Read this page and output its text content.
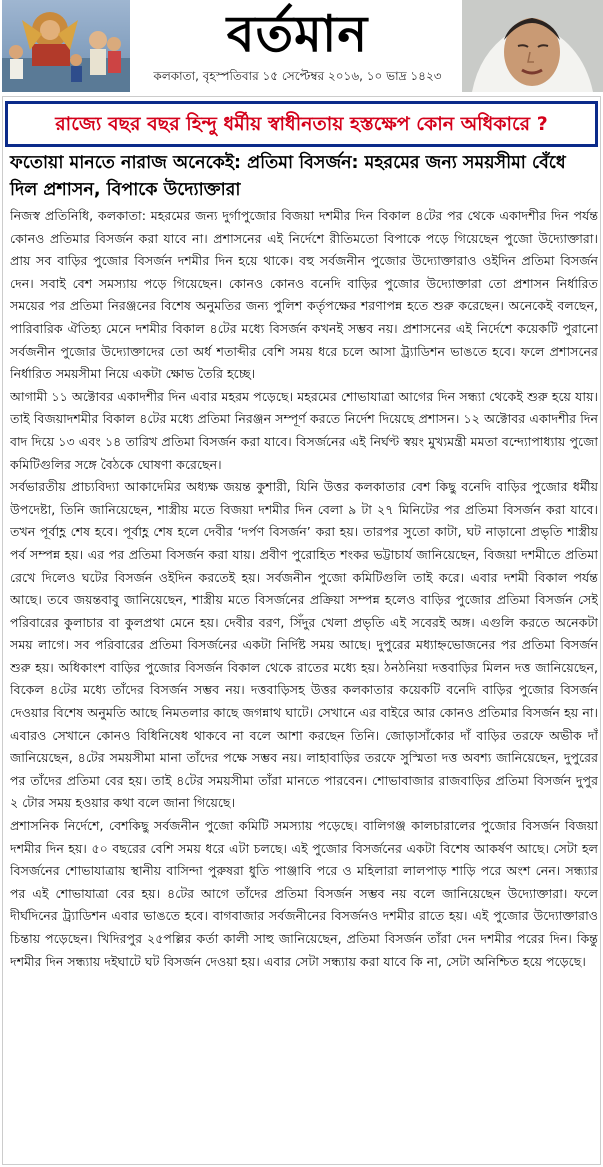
বর্তমান
কলকাতা, বৃহস্পতিবার ১৫ সেপ্টেম্বর ২০১৬, ১০ ভাদ্র ১৪২৩
রাজ্যে বছর বছর হিন্দু ধর্মীয় স্বাধীনতায় হস্তক্ষেপ কোন অধিকারে ?
ফতোয়া মানতে নারাজ অনেকেই: প্রতিমা বিসর্জন: মহরমের জন্য সময়সীমা বেঁধে দিল প্রশাসন, বিপাকে উদ্যোক্তারা

নিজস্ব প্রতিনিধি, কলকাতা: মহরমের জন্য দুর্গাপুজোর বিজয়া দশমীর দিন বিকাল ৪টের পর থেকে একাদশীর দিন পর্যন্ত কোনও প্রতিমার বিসর্জন করা যাবে না। প্রশাসনের এই নির্দেশে রীতিমতো বিপাকে পড়ে গিয়েছেন পুজো উদ্যোক্তারা। প্রায় সব বাড়ির পুজোর বিসর্জন দশমীর দিন হয়ে থাকে। বহু সর্বজনীন পুজোর উদ্যোক্তারাও ওইদিন প্রতিমা বিসর্জন দেন। সবাই বেশ সমস্যায় পড়ে গিয়েছেন। কোনও কোনও বনেদি বাড়ির পুজোর উদ্যোক্তারা তো প্রশাসন নির্ধারিত সময়ের পর প্রতিমা নিরঞ্জনের বিশেষ অনুমতির জন্য পুলিশ কর্তৃপক্ষের শরণাপন্ন হতে শুরু করেছেন। অনেকেই বলছেন, পারিবারিক ঐতিহ্য মেনে দশমীর বিকাল ৪টের মধ্যে বিসর্জন কখনই সম্ভব নয়। প্রশাসনের এই নির্দেশে কয়েকটি পুরানো সর্বজনীন পুজোর উদ্যোক্তাদের তো অর্ধ শতাব্দীর বেশি সময় ধরে চলে আসা ট্র্যাডিশন ভাঙতে হবে। ফলে প্রশাসনের নির্ধারিত সময়সীমা নিয়ে একটা ক্ষোভ তৈরি হচ্ছে।

আগামী ১১ অক্টোবর একাদশীর দিন এবার মহরম পড়েছে। মহরমের শোভাযাত্রা আগের দিন সন্ধ্যা থেকেই শুরু হয়ে যায়। তাই বিজয়াদশমীর বিকাল ৪টের মধ্যে প্রতিমা নিরঞ্জন সম্পূর্ণ করতে নির্দেশ দিয়েছে প্রশাসন। ১২ অক্টোবর একাদশীর দিন বাদ দিয়ে ১৩ এবং ১৪ তারিখ প্রতিমা বিসর্জন করা যাবে। বিসর্জনের এই নির্ঘণ্ট স্বয়ং মুখ্যমন্ত্রী মমতা বন্দ্যোপাধ্যায় পুজো কমিটিগুলির সঙ্গে বৈঠকে ঘোষণা করেছেন।

সর্বভারতীয় প্রাচ্যবিদ্যা আকাদেমির অধ্যক্ষ জয়ন্ত কুশারী, যিনি উত্তর কলকাতার বেশ কিছু বনেদি বাড়ির পুজোর ধর্মীয় উপদেষ্টা, তিনি জানিয়েছেন, শাস্ত্রীয় মতে বিজয়া দশমীর দিন বেলা ৯ টা ২৭ মিনিটের পর প্রতিমা বিসর্জন করা যাবে। তখন পূর্বাহ্ণ শেষ হবে। পূর্বাহ্ণ শেষ হলে দেবীর ‘দর্পণ বিসর্জন’ করা হয়। তারপর সুতো কাটা, ঘট নাড়ানো প্রভৃতি শাস্ত্রীয় পর্ব সম্পন্ন হয়। এর পর প্রতিমা বিসর্জন করা যায়। প্রবীণ পুরোহিত শংকর ভট্টাচার্য জানিয়েছেন, বিজয়া দশমীতে প্রতিমা রেখে দিলেও ঘটের বিসর্জন ওইদিন করতেই হয়। সর্বজনীন পুজো কমিটিগুলি তাই করে। এবার দশমী বিকাল পর্যন্ত আছে। তবে জয়ন্তবাবু জানিয়েছেন, শাস্ত্রীয় মতে বিসর্জনের প্রক্রিয়া সম্পন্ন হলেও বাড়ির পুজোর প্রতিমা বিসর্জন সেই পরিবারের কুলাচার বা কুলপ্রথা মেনে হয়। দেবীর বরণ, সিঁদুর খেলা প্রভৃতি এই সবেরই অঙ্গ। এগুলি করতে অনেকটা সময় লাগে। সব পরিবারের প্রতিমা বিসর্জনের একটা নির্দিষ্ট সময় আছে। দুপুরের মধ্যাহ্নভোজনের পর প্রতিমা বিসর্জন শুরু হয়। অধিকাংশ বাড়ির পুজোর বিসর্জন বিকাল থেকে রাতের মধ্যে হয়। ঠনঠনিয়া দত্তবাড়ির মিলন দত্ত জানিয়েছেন, বিকেল ৪টের মধ্যে তাঁদের বিসর্জন সম্ভব নয়। দত্তবাড়িসহ উত্তর কলকাতার কয়েকটি বনেদি বাড়ির পুজোর বিসর্জন দেওয়ার বিশেষ অনুমতি আছে নিমতলার কাছে জগন্নাথ ঘাটে। সেখানে এর বাইরে আর কোনও প্রতিমার বিসর্জন হয় না। এবারও সেখানে কোনও বিধিনিষেধ থাকবে না বলে আশা করছেন তিনি। জোড়াসাঁকোর দাঁ বাড়ির তরফে অভীক দাঁ জানিয়েছেন, ৪টের সময়সীমা মানা তাঁদের পক্ষে সম্ভব নয়। লাহাবাড়ির তরফে সুস্মিতা দত্ত অবশ্য জানিয়েছেন, দুপুরের পর তাঁদের প্রতিমা বের হয়। তাই ৪টের সময়সীমা তাঁরা মানতে পারবেন। শোভাবাজার রাজবাড়ির প্রতিমা বিসর্জন দুপুর ২ টোর সময় হওয়ার কথা বলে জানা গিয়েছে।

প্রশাসনিক নির্দেশে, বেশকিছু সর্বজনীন পুজো কমিটি সমস্যায় পড়েছে। বালিগঞ্জ কালচারালের পুজোর বিসর্জন বিজয়া দশমীর দিন হয়। ৫০ বছরের বেশি সময় ধরে এটা চলছে। এই পুজোর বিসর্জনের একটা বিশেষ আকর্ষণ আছে। সেটা হল বিসর্জনের শোভাযাত্রায় স্থানীয় বাসিন্দা পুরুষরা ধুতি পাঞ্জাবি পরে ও মহিলারা লালপাড় শাড়ি পরে অংশ নেন। সন্ধ্যার পর এই শোভাযাত্রা বের হয়। ৪টের আগে তাঁদের প্রতিমা বিসর্জন সম্ভব নয় বলে জানিয়েছেন উদ্যোক্তারা। ফলে দীর্ঘদিনের ট্র্যাডিশন এবার ভাঙতে হবে। বাগবাজার সর্বজনীনের বিসর্জনও দশমীর রাতে হয়। এই পুজোর উদ্যোক্তারাও চিন্তায় পড়েছেন। খিদিরপুর ২৫পল্লির কর্তা কালী সাহু জানিয়েছেন, প্রতিমা বিসর্জন তাঁরা দেন দশমীর পরের দিন। কিন্তু দশমীর দিন সন্ধ্যায় দইঘাটে ঘট বিসর্জন দেওয়া হয়। এবার সেটা সন্ধ্যায় করা যাবে কি না, সেটা অনিশ্চিত হয়ে পড়েছে।
